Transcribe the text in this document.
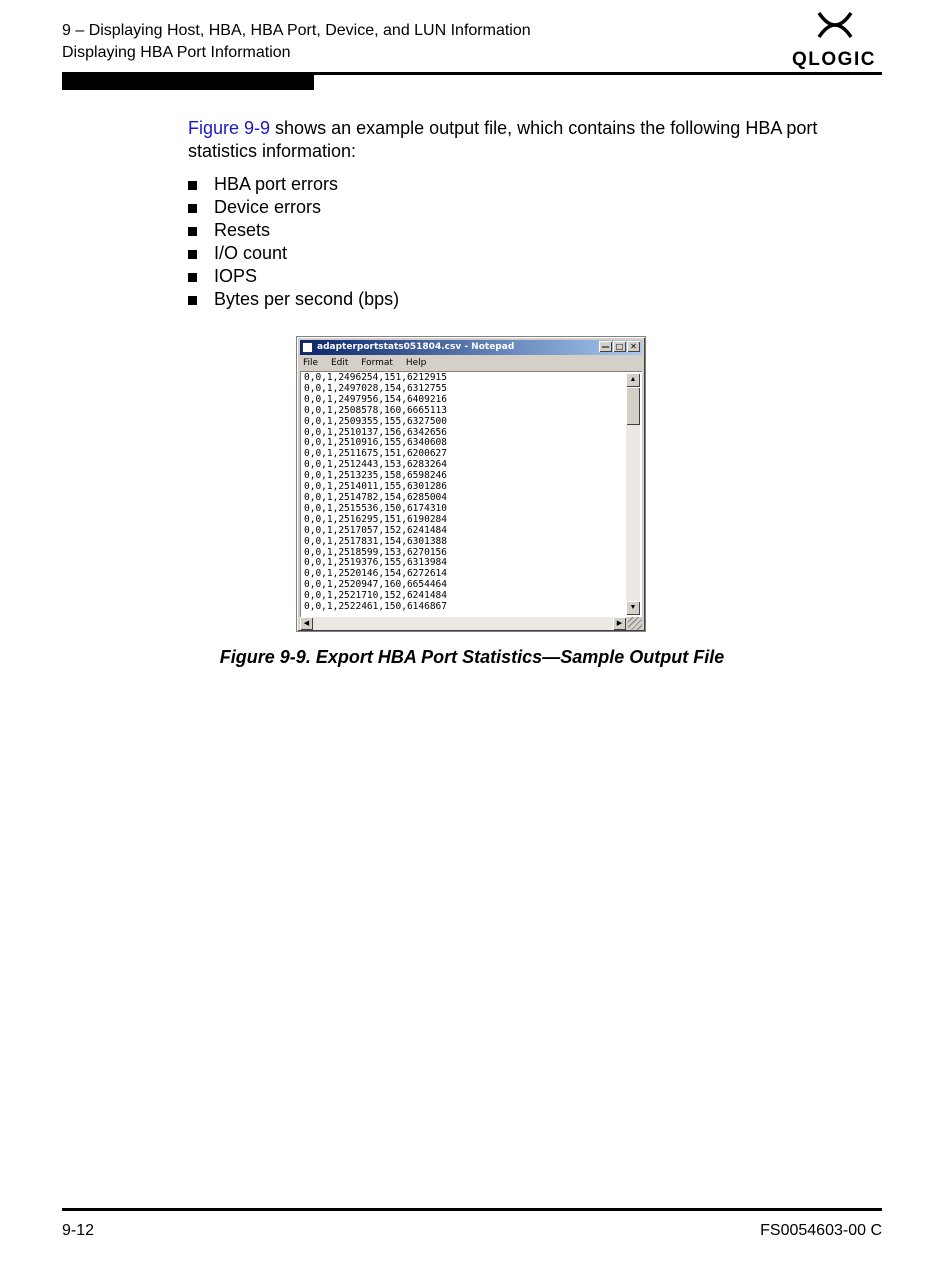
9 – Displaying Host, HBA, HBA Port, Device, and LUN Information
Displaying HBA Port Information	QLOGIC
Figure 9-9 shows an example output file, which contains the following HBA port statistics information:
HBA port errors
Device errors
Resets
I/O count
IOPS
Bytes per second (bps)
adapterportstats051804.csv - Notepad	— □ ✕
File Edit Format Help
0,0,1,2496254,151,6212915
0,0,1,2497028,154,6312755
0,0,1,2497956,154,6409216
0,0,1,2508578,160,6665113
0,0,1,2509355,155,6327500
0,0,1,2510137,156,6342656
0,0,1,2510916,155,6340608
0,0,1,2511675,151,6200627
0,0,1,2512443,153,6283264
0,0,1,2513235,158,6598246
0,0,1,2514011,155,6301286
0,0,1,2514782,154,6285004
0,0,1,2515536,150,6174310
0,0,1,2516295,151,6190284
0,0,1,2517057,152,6241484
0,0,1,2517831,154,6301388
0,0,1,2518599,153,6270156
0,0,1,2519376,155,6313984
0,0,1,2520146,154,6272614
0,0,1,2520947,160,6654464
0,0,1,2521710,152,6241484
0,0,1,2522461,150,6146867
▲
▼
◀	▶
Figure 9-9. Export HBA Port Statistics—Sample Output File
9-12	FS0054603-00 C
